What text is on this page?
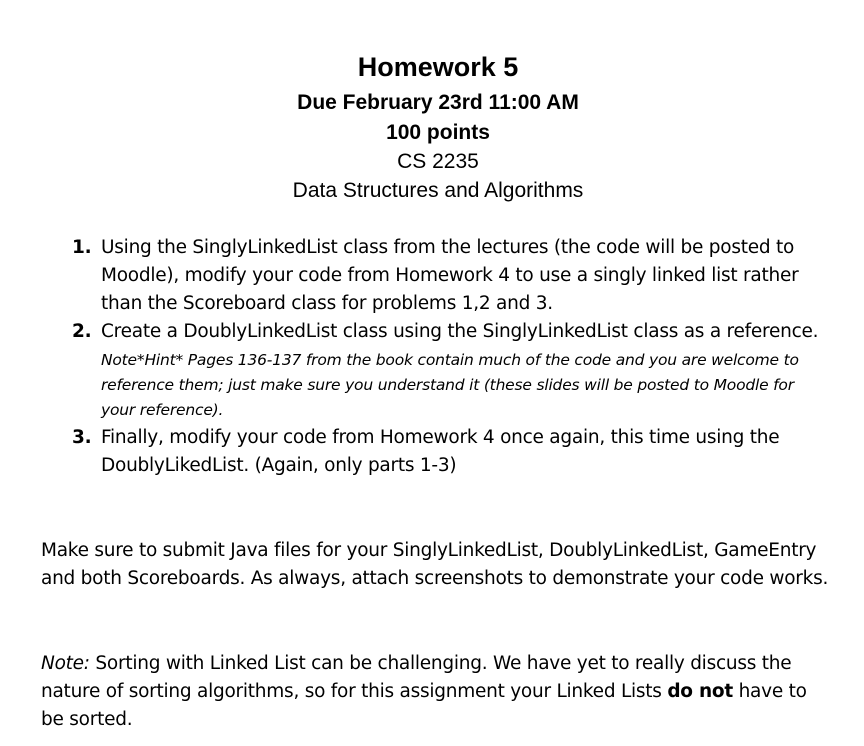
Homework 5
Due February 23rd 11:00 AM
100 points
CS 2235
Data Structures and Algorithms
1. Using the SinglyLinkedList class from the lectures (the code will be posted to Moodle), modify your code from Homework 4 to use a singly linked list rather than the Scoreboard class for problems 1,2 and 3.
2. Create a DoublyLinkedList class using the SinglyLinkedList class as a reference.
Note*Hint* Pages 136-137 from the book contain much of the code and you are welcome to reference them; just make sure you understand it (these slides will be posted to Moodle for your reference).
3. Finally, modify your code from Homework 4 once again, this time using the DoublyLikedList. (Again, only parts 1-3)

Make sure to submit Java files for your SinglyLinkedList, DoublyLinkedList, GameEntry and both Scoreboards. As always, attach screenshots to demonstrate your code works.

Note: Sorting with Linked List can be challenging. We have yet to really discuss the nature of sorting algorithms, so for this assignment your Linked Lists do not have to be sorted.
